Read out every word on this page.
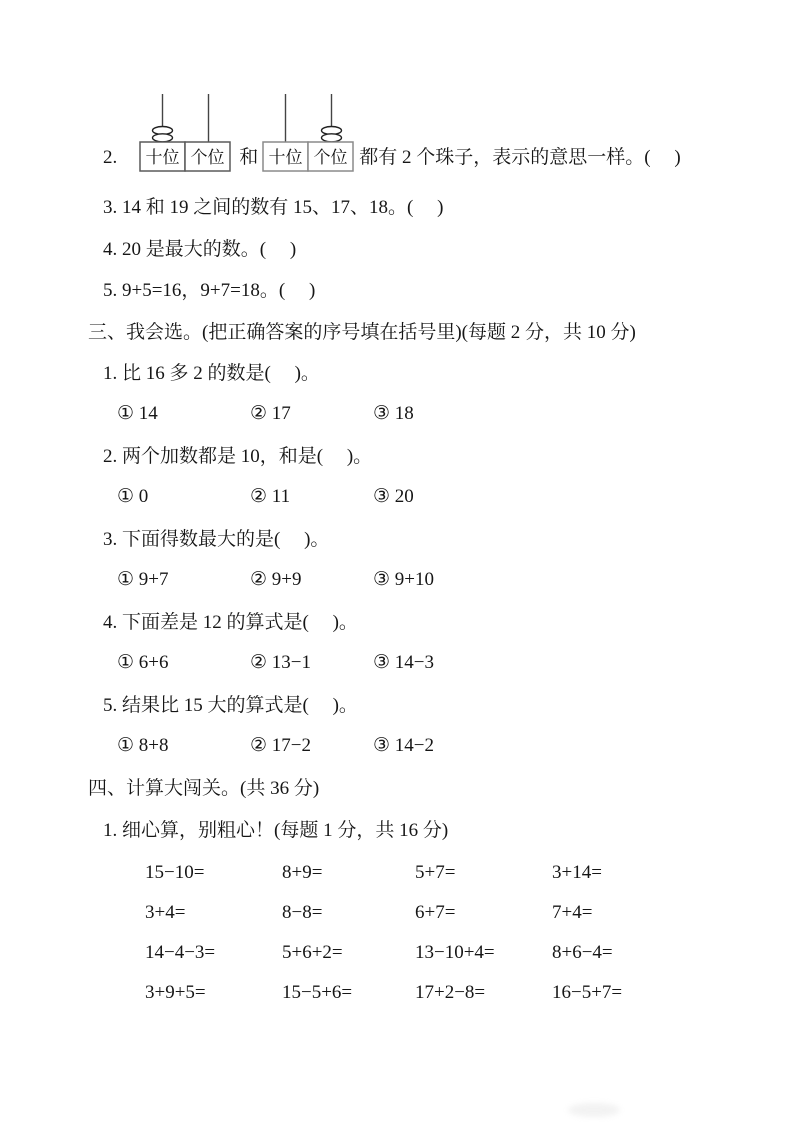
2. 十位 个位 和 十位 个位 都有 2 个珠子，表示的意思一样。(     )
3. 14 和 19 之间的数有 15、17、18。(     )
4. 20 是最大的数。(     )
5. 9+5=16，9+7=18。(     )
三、我会选。(把正确答案的序号填在括号里)(每题 2 分，共 10 分)
1. 比 16 多 2 的数是(     )。
① 14	② 17	③ 18
2. 两个加数都是 10，和是(     )。
① 0	② 11	③ 20
3. 下面得数最大的是(     )。
① 9+7	② 9+9	③ 9+10
4. 下面差是 12 的算式是(     )。
① 6+6	② 13−1	③ 14−3
5. 结果比 15 大的算式是(     )。
① 8+8	② 17−2	③ 14−2
四、计算大闯关。(共 36 分)
1. 细心算，别粗心！(每题 1 分，共 16 分)
15−10=	8+9=	5+7=	3+14=
3+4=	8−8=	6+7=	7+4=
14−4−3=	5+6+2=	13−10+4=	8+6−4=
3+9+5=	15−5+6=	17+2−8=	16−5+7=
